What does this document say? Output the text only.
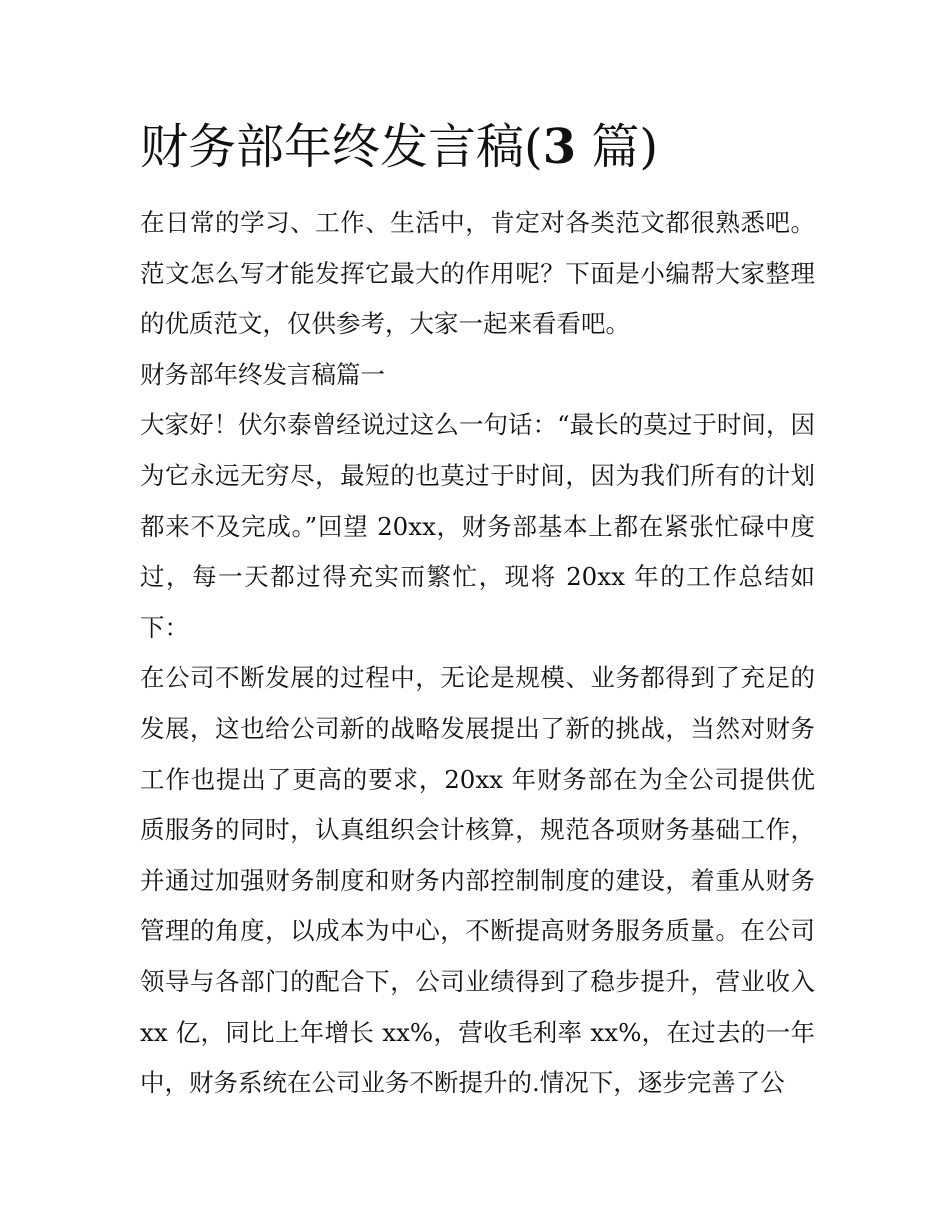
财务部年终发言稿(3 篇)

在日常的学习、工作、生活中，肯定对各类范文都很熟悉吧。范文怎么写才能发挥它最大的作用呢？下面是小编帮大家整理的优质范文，仅供参考，大家一起来看看吧。

财务部年终发言稿篇一

大家好！伏尔泰曾经说过这么一句话：“最长的莫过于时间，因为它永远无穷尽，最短的也莫过于时间，因为我们所有的计划都来不及完成。”回望 20xx，财务部基本上都在紧张忙碌中度过，每一天都过得充实而繁忙，现将 20xx 年的工作总结如下：

在公司不断发展的过程中，无论是规模、业务都得到了充足的发展，这也给公司新的战略发展提出了新的挑战，当然对财务工作也提出了更高的要求，20xx 年财务部在为全公司提供优质服务的同时，认真组织会计核算，规范各项财务基础工作，并通过加强财务制度和财务内部控制制度的建设，着重从财务管理的角度，以成本为中心，不断提高财务服务质量。在公司领导与各部门的配合下，公司业绩得到了稳步提升，营业收入 xx 亿，同比上年增长 xx%，营收毛利率 xx%，在过去的一年中，财务系统在公司业务不断提升的.情况下，逐步完善了公
